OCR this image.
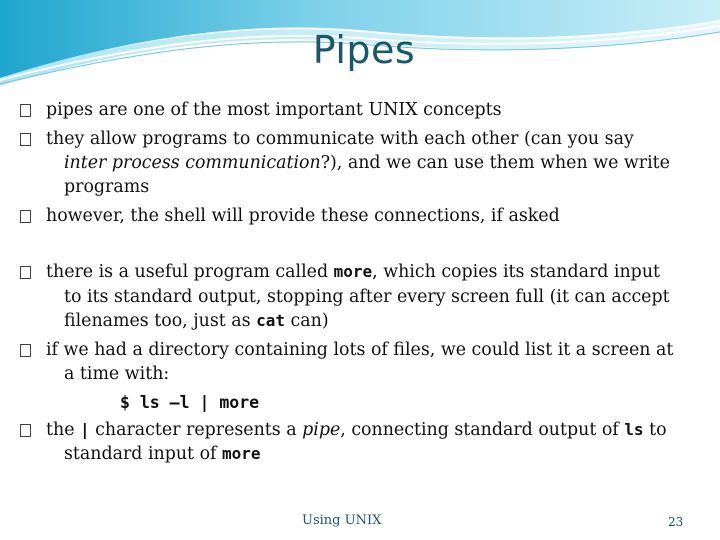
Pipes
pipes are one of the most important UNIX concepts
they allow programs to communicate with each other (can you say
inter process communication?), and we can use them when we write
programs
however, the shell will provide these connections, if asked
there is a useful program called more, which copies its standard input
to its standard output, stopping after every screen full (it can accept
filenames too, just as cat can)
if we had a directory containing lots of files, we could list it a screen at
a time with:
$ ls –l | more
the | character represents a pipe, connecting standard output of ls to
standard input of more
Using UNIX	23
